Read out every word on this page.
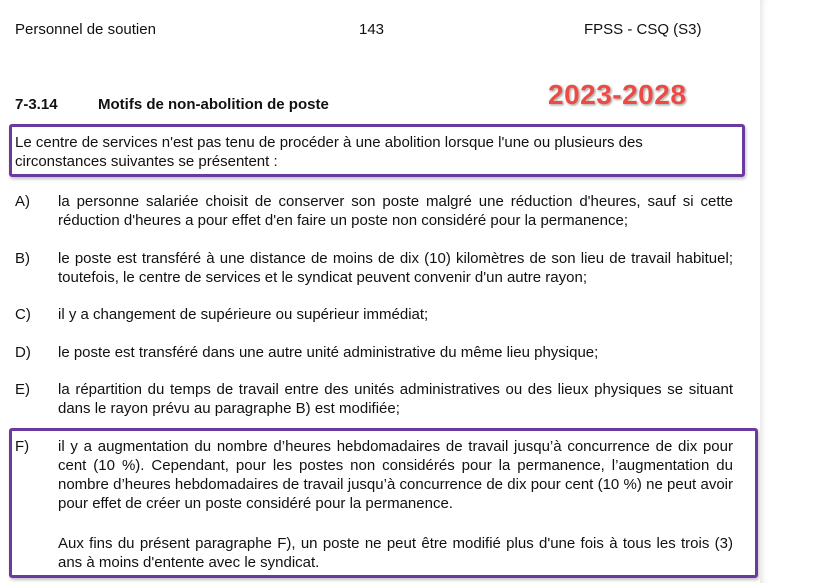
Personnel de soutien	143	FPSS - CSQ (S3)
7-3.14	Motifs de non-abolition de poste
Le centre de services n'est pas tenu de procéder à une abolition lorsque l'une ou plusieurs des circonstances suivantes se présentent :
A) la personne salariée choisit de conserver son poste malgré une réduction d'heures, sauf si cette réduction d'heures a pour effet d'en faire un poste non considéré pour la permanence;
B) le poste est transféré à une distance de moins de dix (10) kilomètres de son lieu de travail habituel; toutefois, le centre de services et le syndicat peuvent convenir d'un autre rayon;
C) il y a changement de supérieure ou supérieur immédiat;
D) le poste est transféré dans une autre unité administrative du même lieu physique;
E) la répartition du temps de travail entre des unités administratives ou des lieux physiques se situant dans le rayon prévu au paragraphe B) est modifiée;
F) il y a augmentation du nombre d’heures hebdomadaires de travail jusqu’à concurrence de dix pour cent (10 %). Cependant, pour les postes non considérés pour la permanence, l’augmentation du nombre d’heures hebdomadaires de travail jusqu’à concurrence de dix pour cent (10 %) ne peut avoir pour effet de créer un poste considéré pour la permanence.
Aux fins du présent paragraphe F), un poste ne peut être modifié plus d'une fois à tous les trois (3) ans à moins d'entente avec le syndicat.
2023-2028
